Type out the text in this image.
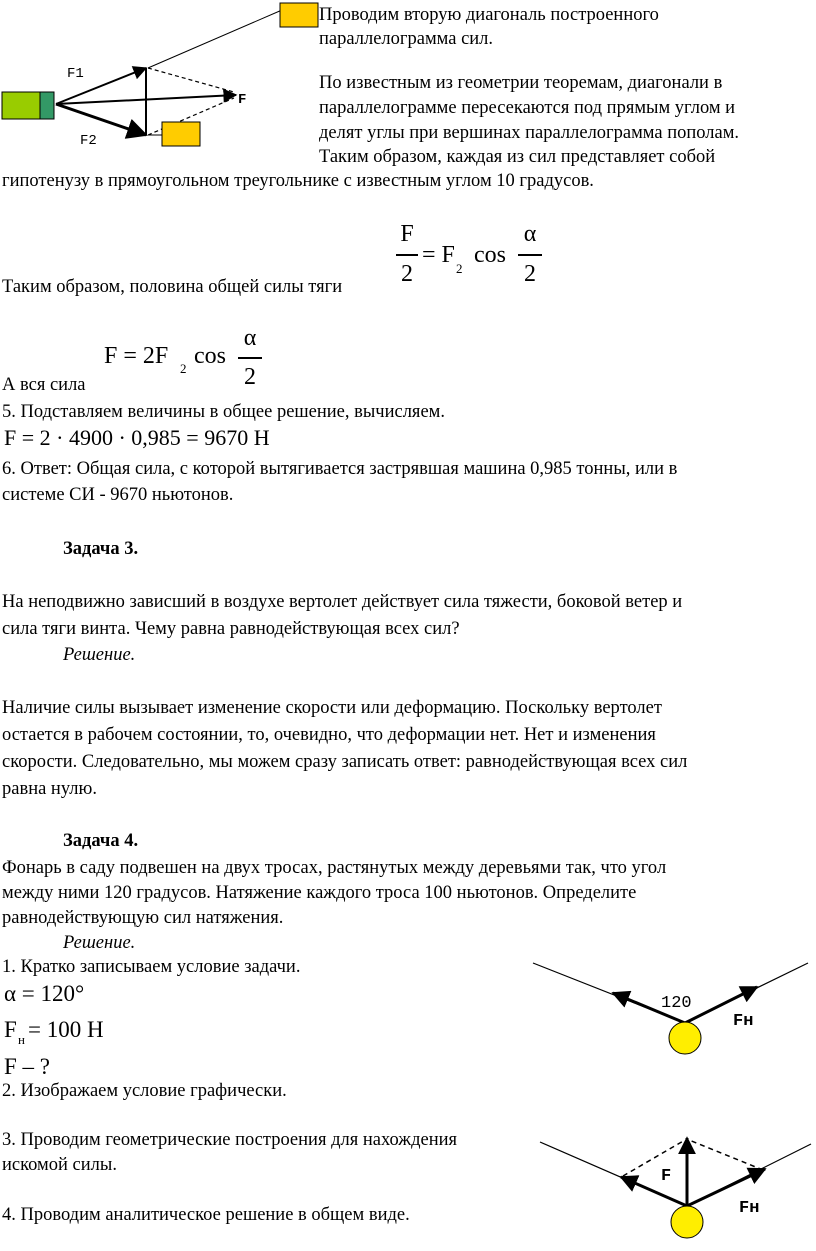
F1
F2
F
Проводим вторую диагональ построенного
параллелограмма сил.
По известным из геометрии теоремам, диагонали в
параллелограмме пересекаются под прямым углом и
делят углы при вершинах параллелограмма пополам.
Таким образом, каждая из сил представляет собой
гипотенузу в прямоугольном треугольнике с известным углом 10 градусов.
Таким образом, половина общей силы тяги
F
2
= F
2
cos
α
2
А вся сила
F = 2F 2 cos
α
2
5. Подставляем величины в общее решение, вычисляем.
F = 2 · 4900 · 0,985 = 9670 Н
6. Ответ: Общая сила, с которой вытягивается застрявшая машина 0,985 тонны, или в
системе СИ - 9670 ньютонов.
Задача 3.
На неподвижно зависший в воздухе вертолет действует сила тяжести, боковой ветер и
сила тяги винта. Чему равна равнодействующая всех сил?
Решение.
Наличие силы вызывает изменение скорости или деформацию. Поскольку вертолет
остается в рабочем состоянии, то, очевидно, что деформации нет. Нет и изменения
скорости. Следовательно, мы можем сразу записать ответ: равнодействующая всех сил
равна нулю.
Задача 4.
Фонарь в саду подвешен на двух тросах, растянутых между деревьями так, что угол
между ними 120 градусов. Натяжение каждого троса 100 ньютонов. Определите
равнодействующую сил натяжения.
Решение.
1. Кратко записываем условие задачи.
α = 120°
F н = 100 Н
F – ?
2. Изображаем условие графически.
3. Проводим геометрические построения для нахождения
искомой силы.
4. Проводим аналитическое решение в общем виде.
120
Fн
F
Fн
